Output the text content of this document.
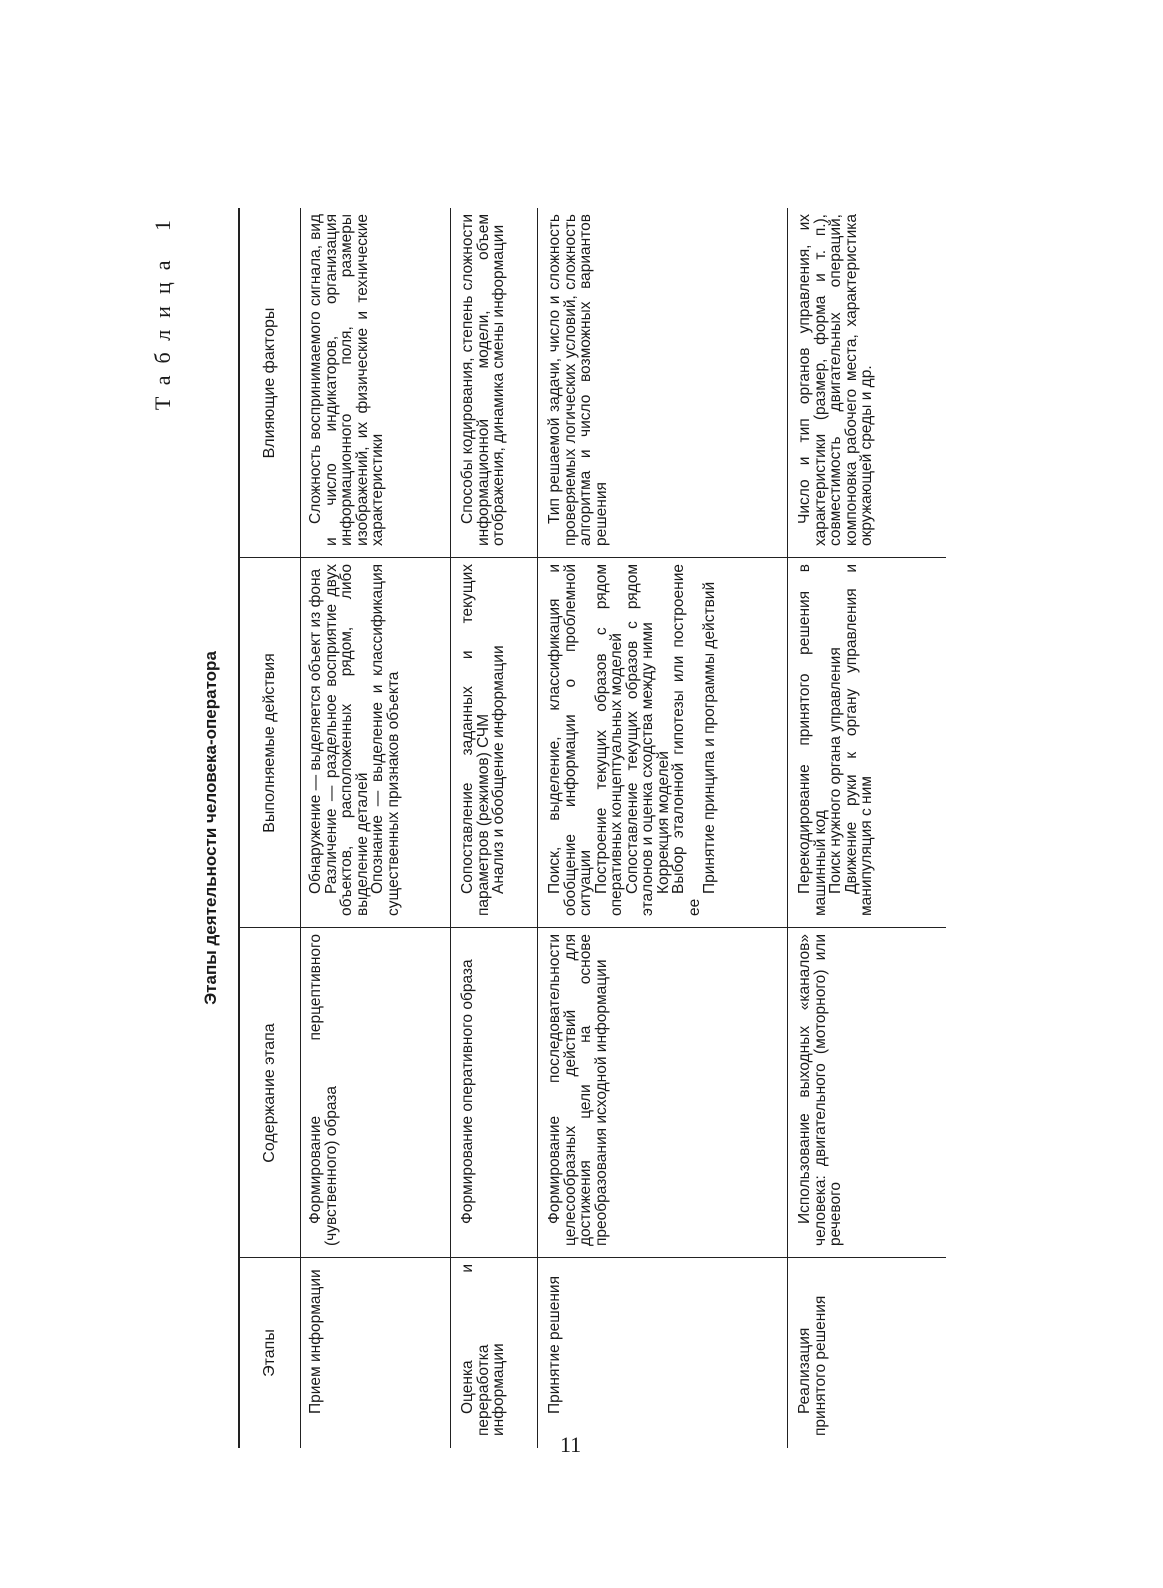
Таблица 1
Этапы деятельности человека-оператора
Этапы
Содержание этапа
Выполняемые действия
Влияющие факторы

Прием информации

Формирование перцептивного (чувственного) образа

Обнаружение — выделяется объект из фона

Различение — раздельное восприятие двух объектов, расположенных рядом, либо выделение деталей

Опознание — выделение и классификация существенных признаков объекта

Сложность воспринимаемого сигнала, вид и число индикаторов, организация информационного поля, размеры изображений, их физические и технические характеристики

Оценка и переработка информации

Формирование оперативного образа

Сопоставление заданных и текущих параметров (режимов) СЧМ

Анализ и обобщение информации

Способы кодирования, степень сложности информационной модели, объем отображения, динамика смены информации

Принятие решения

Формирование последовательности целесообразных действий для достижения цели на основе преобразования исходной информации

Поиск, выделение, классификация и обобщение информации о проблемной ситуации

Построение текущих образов с рядом оперативных концептуальных моделей

Сопоставление текущих образов с рядом эталонов и оценка сходства между ними

Коррекция моделей

Выбор эталонной гипотезы или построение ее

Принятие принципа и программы действий

Тип решаемой задачи, число и сложность проверяемых логических условий, сложность алгоритма и число возможных вариантов решения

Реализация принятого решения

Использование выходных «каналов» человека: двигательного (моторного) или речевого

Перекодирование принятого решения в машинный код

Поиск нужного органа управления

Движение руки к органу управления и манипуляция с ним

Число и тип органов управления, их характеристики (размер, форма и т. п.), совместимость двигательных операций, компоновка рабочего места, характеристика окружающей среды и др.

11
